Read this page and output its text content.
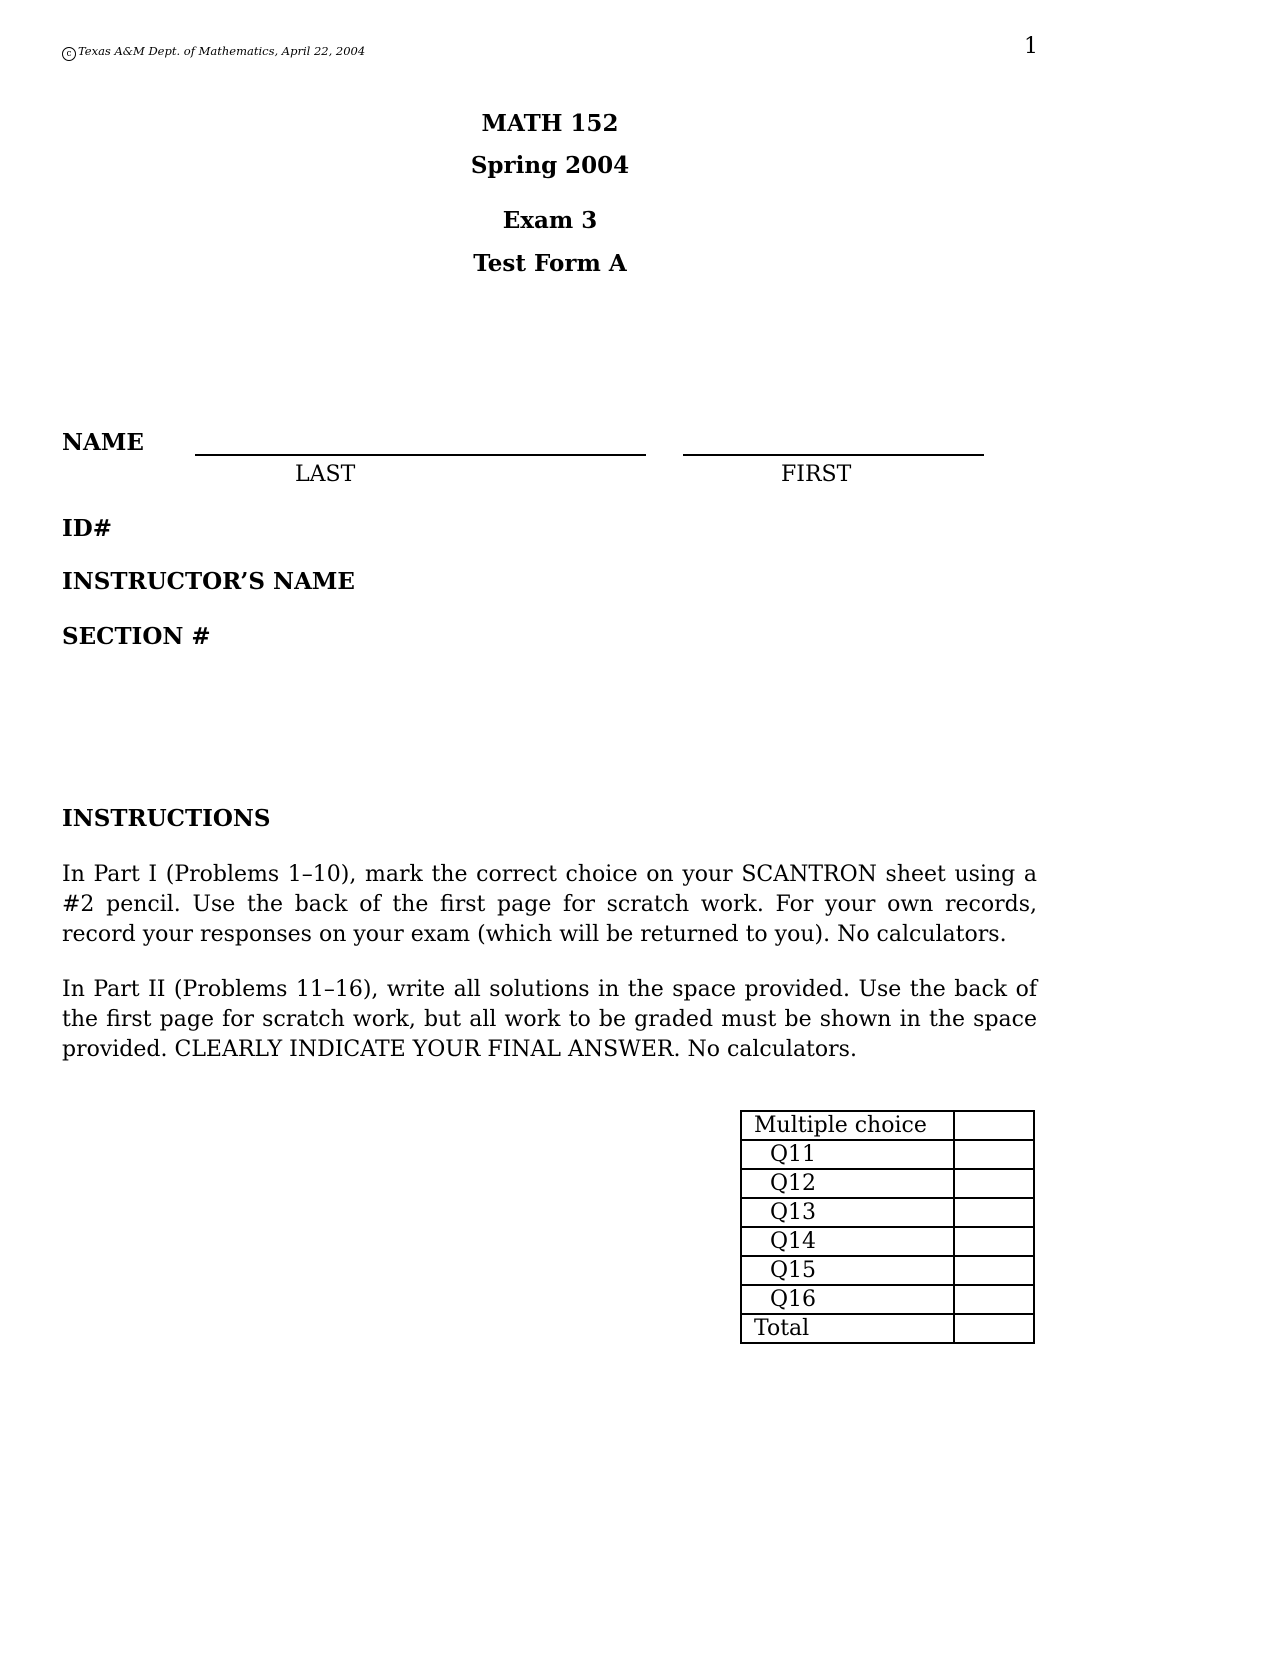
c Texas A&M Dept. of Mathematics, April 22, 2004	1
MATH 152
Spring 2004
Exam 3
Test Form A
NAME
LAST	FIRST
ID#
INSTRUCTOR’S NAME
SECTION #
INSTRUCTIONS
In Part I (Problems 1–10), mark the correct choice on your SCANTRON sheet using a #2 pencil. Use the back of the first page for scratch work. For your own records, record your responses on your exam (which will be returned to you). No calculators.
In Part II (Problems 11–16), write all solutions in the space provided. Use the back of the first page for scratch work, but all work to be graded must be shown in the space provided. CLEARLY INDICATE YOUR FINAL ANSWER. No calculators.
Multiple choice	
Q11	
Q12	
Q13	
Q14	
Q15	
Q16	
Total	
